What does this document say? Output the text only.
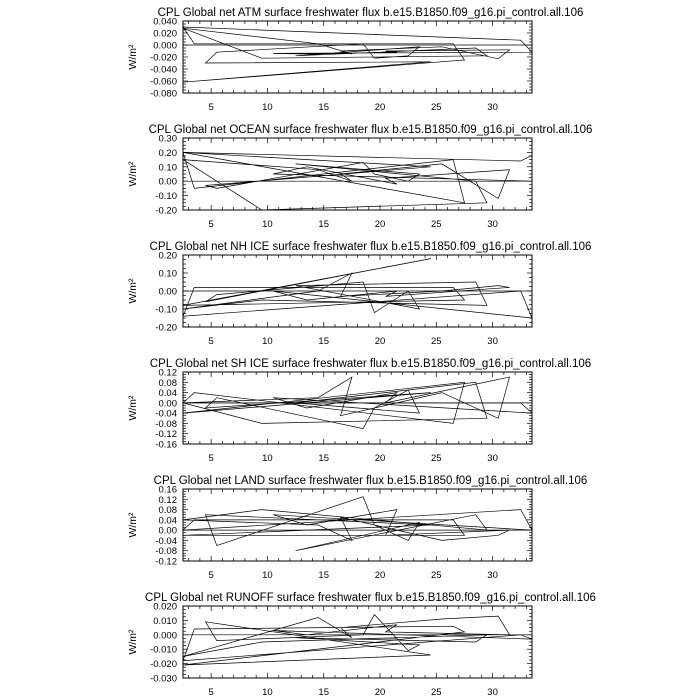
CPL Global net ATM surface freshwater flux b.e15.B1850.f09_g16.pi_control.all.106
5	10	15	20	25	30
0.040
0.020
0.000
-0.020
-0.040
-0.060
-0.080
W/m²
CPL Global net OCEAN surface freshwater flux b.e15.B1850.f09_g16.pi_control.all.106
5	10	15	20	25	30
0.30
0.20
0.10
0.00
-0.10
-0.20
W/m²
CPL Global net NH ICE surface freshwater flux b.e15.B1850.f09_g16.pi_control.all.106
5	10	15	20	25	30
0.20
0.10
0.00
-0.10
-0.20
W/m²
CPL Global net SH ICE surface freshwater flux b.e15.B1850.f09_g16.pi_control.all.106
5	10	15	20	25	30
0.12
0.08
0.04
0.00
-0.04
-0.08
-0.12
-0.16
W/m²
CPL Global net LAND surface freshwater flux b.e15.B1850.f09_g16.pi_control.all.106
5	10	15	20	25	30
0.16
0.12
0.08
0.04
0.00
-0.04
-0.08
-0.12
W/m²
CPL Global net RUNOFF surface freshwater flux b.e15.B1850.f09_g16.pi_control.all.106
5	10	15	20	25	30
0.020
0.010
0.000
-0.010
-0.020
-0.030
W/m²
